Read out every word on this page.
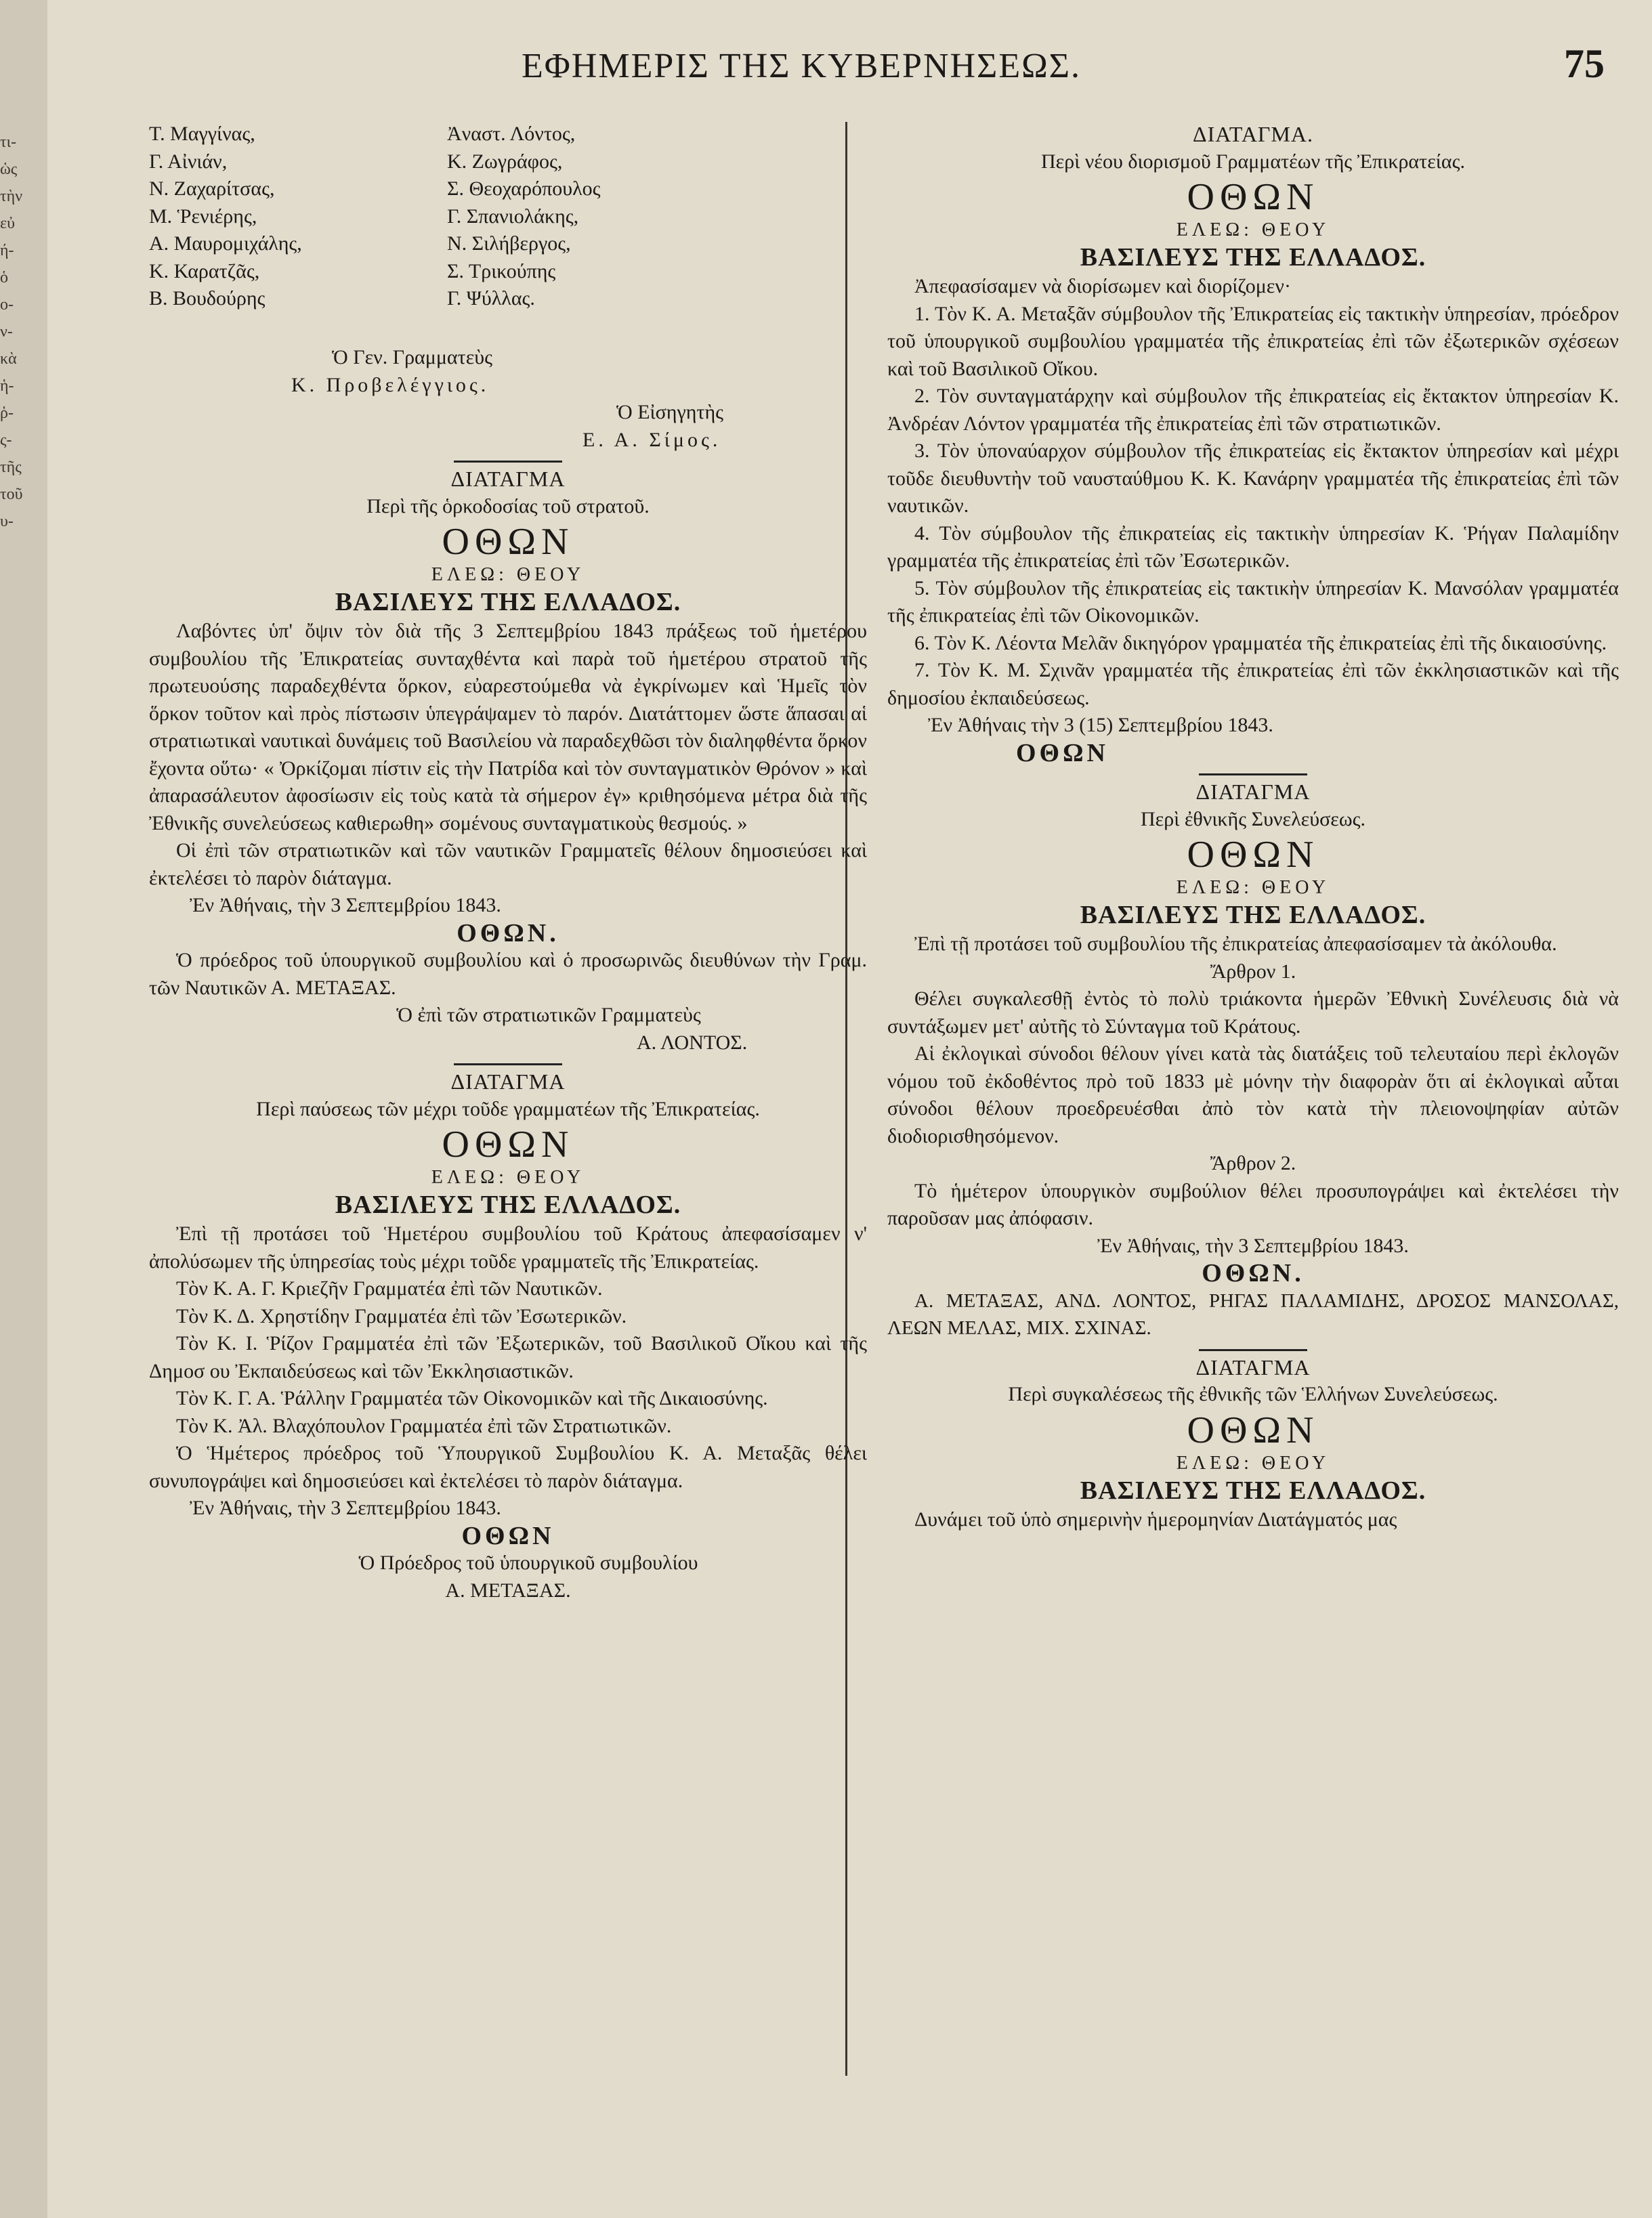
τι-
ὡς
τὴν
εὐ
ή-
ὁ
ο-
ν-
κὰ
ἡ-
ῥ-
ς-
τῆς
τοῦ
υ-
ΕΦΗΜΕΡΙΣ ΤΗΣ ΚΥΒΕΡΝΗΣΕΩΣ.	75

Τ. Μαγγίνας,

Γ. Αἰνιάν,

Ν. Ζαχαρίτσας,

Μ. Ῥενιέρης,

Α. Μαυρομιχάλης,

Κ. Καρατζᾶς,

Β. Βουδούρης

Ἀναστ. Λόντος,

Κ. Ζωγράφος,

Σ. Θεοχαρόπουλος

Γ. Σπανιολάκης,

Ν. Σιλήβεργος,

Σ. Τρικούπης

Γ. Ψύλλας.

Ὁ Γεν. Γραμματεὺς

Κ. Προβελέγγιος.

Ὁ Εἰσηγητὴς

Ε. Α. Σίμος.

ΔΙΑΤΑΓΜΑ

Περὶ τῆς ὁρκοδοσίας τοῦ στρατοῦ.

ΟΘΩΝ

ΕΛΕΩ: ΘΕΟΥ

ΒΑΣΙΛΕΥΣ ΤΗΣ ΕΛΛΑΔΟΣ.

Λαβόντες ὑπ' ὄψιν τὸν διὰ τῆς 3 Σεπτεμβρίου 1843 πράξεως τοῦ ἡμετέρου συμβουλίου τῆς Ἐπικρατείας συνταχθέντα καὶ παρὰ τοῦ ἡμετέρου στρατοῦ τῆς πρωτευούσης παραδεχθέντα ὅρκον, εὐαρεστούμεθα νὰ ἐγκρίνωμεν καὶ Ἡμεῖς τὸν ὅρκον τοῦτον καὶ πρὸς πίστωσιν ὑπεγράψαμεν τὸ παρόν. Διατάττομεν ὥστε ἅπασαι αἱ στρατιωτικαὶ ναυτικαὶ δυνάμεις τοῦ Βασιλείου νὰ παραδεχθῶσι τὸν διαληφθέντα ὅρκον ἔχοντα οὕτω· « Ὀρκίζομαι πίστιν εἰς τὴν Πατρίδα καὶ τὸν συνταγματικὸν Θρόνον » καὶ ἀπαρασάλευτον ἀφοσίωσιν εἰς τοὺς κατὰ τὰ σήμερον ἐγ» κριθησόμενα μέτρα διὰ τῆς Ἐθνικῆς συνελεύσεως καθιερωθη» σομένους συνταγματικοὺς θεσμούς. »

Οἱ ἐπὶ τῶν στρατιωτικῶν καὶ τῶν ναυτικῶν Γραμματεῖς θέλουν δημοσιεύσει καὶ ἐκτελέσει τὸ παρὸν διάταγμα.

Ἐν Ἀθήναις, τὴν 3 Σεπτεμβρίου 1843.

ΟΘΩΝ.

Ὁ πρόεδρος τοῦ ὑπουργικοῦ συμβουλίου καὶ ὁ προσωρινῶς διευθύνων τὴν Γραμ. τῶν Ναυτικῶν Α. ΜΕΤΑΞΑΣ.

Ὁ ἐπὶ τῶν στρατιωτικῶν Γραμματεὺς

Α. ΛΟΝΤΟΣ.

ΔΙΑΤΑΓΜΑ

Περὶ παύσεως τῶν μέχρι τοῦδε γραμματέων τῆς Ἐπικρατείας.

ΟΘΩΝ

ΕΛΕΩ: ΘΕΟΥ

ΒΑΣΙΛΕΥΣ ΤΗΣ ΕΛΛΑΔΟΣ.

Ἐπὶ τῇ προτάσει τοῦ Ἡμετέρου συμβουλίου τοῦ Κράτους ἀπεφασίσαμεν ν' ἀπολύσωμεν τῆς ὑπηρεσίας τοὺς μέχρι τοῦδε γραμματεῖς τῆς Ἐπικρατείας.

Τὸν Κ. Α. Γ. Κριεζῆν Γραμματέα ἐπὶ τῶν Ναυτικῶν.

Τὸν Κ. Δ. Χρηστίδην Γραμματέα ἐπὶ τῶν Ἐσωτερικῶν.

Τὸν Κ. Ι. Ῥίζον Γραμματέα ἐπὶ τῶν Ἐξωτερικῶν, τοῦ Βασιλικοῦ Οἴκου καὶ τῆς Δημοσ ου Ἐκπαιδεύσεως καὶ τῶν Ἐκκλησιαστικῶν.

Τὸν Κ. Γ. Α. Ῥάλλην Γραμματέα τῶν Οἰκονομικῶν καὶ τῆς Δικαιοσύνης.

Τὸν Κ. Ἀλ. Βλαχόπουλον Γραμματέα ἐπὶ τῶν Στρατιωτικῶν.

Ὁ Ἡμέτερος πρόεδρος τοῦ Ὑπουργικοῦ Συμβουλίου Κ. Α. Μεταξᾶς θέλει συνυπογράψει καὶ δημοσιεύσει καὶ ἐκτελέσει τὸ παρὸν διάταγμα.

Ἐν Ἀθήναις, τὴν 3 Σεπτεμβρίου 1843.

ΟΘΩΝ

Ὁ Πρόεδρος τοῦ ὑπουργικοῦ συμβουλίου

Α. ΜΕΤΑΞΑΣ.

ΔΙΑΤΑΓΜΑ.

Περὶ νέου διορισμοῦ Γραμματέων τῆς Ἐπικρατείας.

ΟΘΩΝ

ΕΛΕΩ: ΘΕΟΥ

ΒΑΣΙΛΕΥΣ ΤΗΣ ΕΛΛΑΔΟΣ.

Ἀπεφασίσαμεν νὰ διορίσωμεν καὶ διορίζομεν·

1. Τὸν Κ. Α. Μεταξᾶν σύμβουλον τῆς Ἐπικρατείας εἰς τακτικὴν ὑπηρεσίαν, πρόεδρον τοῦ ὑπουργικοῦ συμβουλίου γραμματέα τῆς ἐπικρατείας ἐπὶ τῶν ἐξωτερικῶν σχέσεων καὶ τοῦ Βασιλικοῦ Οἴκου.

2. Τὸν συνταγματάρχην καὶ σύμβουλον τῆς ἐπικρατείας εἰς ἔκτακτον ὑπηρεσίαν Κ. Ἀνδρέαν Λόντον γραμματέα τῆς ἐπικρατείας ἐπὶ τῶν στρατιωτικῶν.

3. Τὸν ὑποναύαρχον σύμβουλον τῆς ἐπικρατείας εἰς ἔκτακτον ὑπηρεσίαν καὶ μέχρι τοῦδε διευθυντὴν τοῦ ναυσταύθμου Κ. Κ. Κανάρην γραμματέα τῆς ἐπικρατείας ἐπὶ τῶν ναυτικῶν.

4. Τὸν σύμβουλον τῆς ἐπικρατείας εἰς τακτικὴν ὑπηρεσίαν Κ. Ῥήγαν Παλαμίδην γραμματέα τῆς ἐπικρατείας ἐπὶ τῶν Ἐσωτερικῶν.

5. Τὸν σύμβουλον τῆς ἐπικρατείας εἰς τακτικὴν ὑπηρεσίαν Κ. Μανσόλαν γραμματέα τῆς ἐπικρατείας ἐπὶ τῶν Οἰκονομικῶν.

6. Τὸν Κ. Λέοντα Μελᾶν δικηγόρον γραμματέα τῆς ἐπικρατείας ἐπὶ τῆς δικαιοσύνης.

7. Τὸν Κ. Μ. Σχινᾶν γραμματέα τῆς ἐπικρατείας ἐπὶ τῶν ἐκκλησιαστικῶν καὶ τῆς δημοσίου ἐκπαιδεύσεως.

Ἐν Ἀθήναις τὴν 3 (15) Σεπτεμβρίου 1843.

ΟΘΩΝ

ΔΙΑΤΑΓΜΑ

Περὶ ἐθνικῆς Συνελεύσεως.

ΟΘΩΝ

ΕΛΕΩ: ΘΕΟΥ

ΒΑΣΙΛΕΥΣ ΤΗΣ ΕΛΛΑΔΟΣ.

Ἐπὶ τῇ προτάσει τοῦ συμβουλίου τῆς ἐπικρατείας ἀπεφασίσαμεν τὰ ἀκόλουθα.

Ἄρθρον 1.

Θέλει συγκαλεσθῇ ἐντὸς τὸ πολὺ τριάκοντα ἡμερῶν Ἐθνικὴ Συνέλευσις διὰ νὰ συντάξωμεν μετ' αὐτῆς τὸ Σύνταγμα τοῦ Κράτους.

Αἱ ἐκλογικαὶ σύνοδοι θέλουν γίνει κατὰ τὰς διατάξεις τοῦ τελευταίου περὶ ἐκλογῶν νόμου τοῦ ἐκδοθέντος πρὸ τοῦ 1833 μὲ μόνην τὴν διαφορὰν ὅτι αἱ ἐκλογικαὶ αὗται σύνοδοι θέλουν προεδρευέσθαι ἀπὸ τὸν κατὰ τὴν πλειονοψηφίαν αὐτῶν διοδιορισθησόμενον.

Ἄρθρον 2.

Τὸ ἡμέτερον ὑπουργικὸν συμβούλιον θέλει προσυπογράψει καὶ ἐκτελέσει τὴν παροῦσαν μας ἀπόφασιν.

Ἐν Ἀθήναις, τὴν 3 Σεπτεμβρίου 1843.

ΟΘΩΝ.

Α. ΜΕΤΑΞΑΣ, ΑΝΔ. ΛΟΝΤΟΣ, ΡΗΓΑΣ ΠΑΛΑΜΙΔΗΣ, ΔΡΟΣΟΣ ΜΑΝΣΟΛΑΣ, ΛΕΩΝ ΜΕΛΑΣ, ΜΙΧ. ΣΧΙΝΑΣ.

ΔΙΑΤΑΓΜΑ

Περὶ συγκαλέσεως τῆς ἐθνικῆς τῶν Ἑλλήνων Συνελεύσεως.

ΟΘΩΝ

ΕΛΕΩ: ΘΕΟΥ

ΒΑΣΙΛΕΥΣ ΤΗΣ ΕΛΛΑΔΟΣ.

Δυνάμει τοῦ ὑπὸ σημερινὴν ἡμερομηνίαν Διατάγματός μας
